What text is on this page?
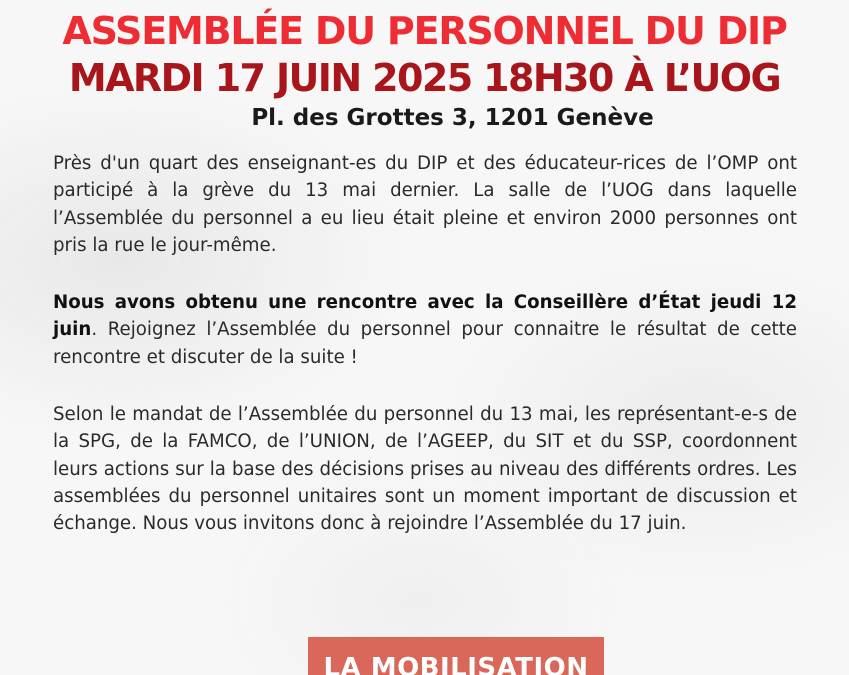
ASSEMBLÉE DU PERSONNEL DU DIP
MARDI 17 JUIN 2025 18H30 À L’UOG
Pl. des Grottes 3, 1201 Genève

Près d'un quart des enseignant-es du DIP et des éducateur-rices de l’OMP ont participé à la grève du 13 mai dernier. La salle de l’UOG dans laquelle l’Assemblée du personnel a eu lieu était pleine et environ 2000 personnes ont pris la rue le jour-même.

Nous avons obtenu une rencontre avec la Conseillère d’État jeudi 12 juin. Rejoignez l’Assemblée du personnel pour connaitre le résultat de cette rencontre et discuter de la suite !

Selon le mandat de l’Assemblée du personnel du 13 mai, les représentant-e-s de la SPG, de la FAMCO, de l’UNION, de l’AGEEP, du SIT et du SSP, coordonnent leurs actions sur la base des décisions prises au niveau des différents ordres. Les assemblées du personnel unitaires sont un moment important de discussion et échange. Nous vous invitons donc à rejoindre l’Assemblée du 17 juin.

LA MOBILISATION
